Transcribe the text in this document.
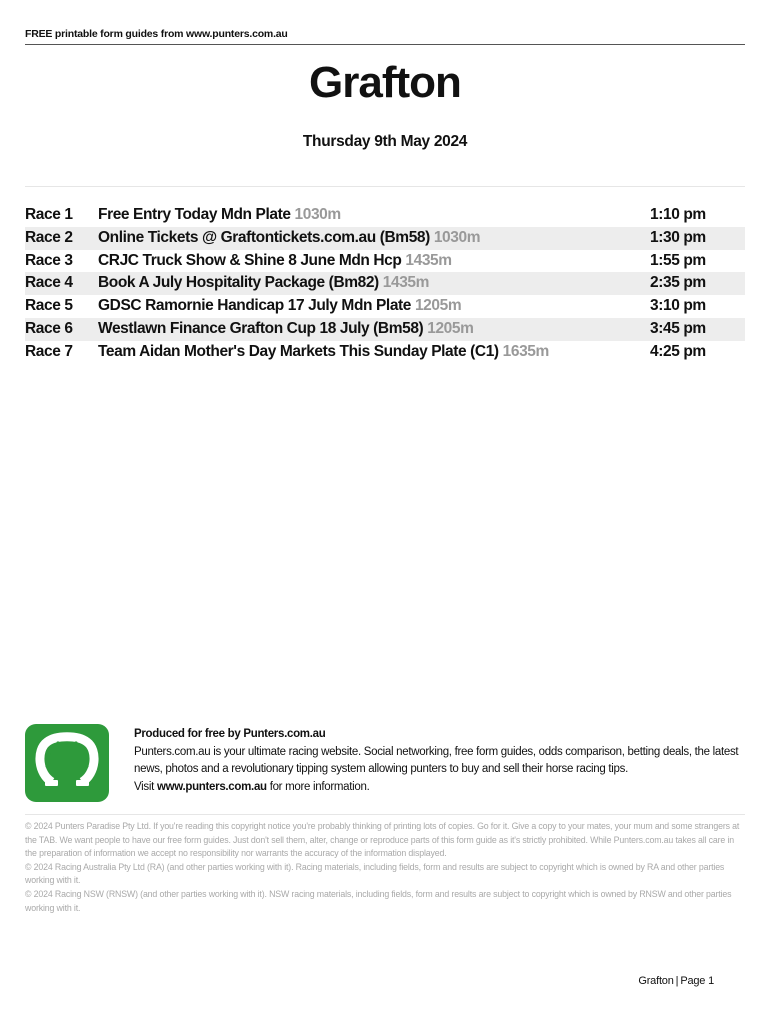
FREE printable form guides from www.punters.com.au
Grafton
Thursday 9th May 2024
Race 1 Free Entry Today Mdn Plate 1030m	1:10 pm
Race 2 Online Tickets @ Graftontickets.com.au (Bm58) 1030m	1:30 pm
Race 3 CRJC Truck Show & Shine 8 June Mdn Hcp 1435m	1:55 pm
Race 4 Book A July Hospitality Package (Bm82) 1435m	2:35 pm
Race 5 GDSC Ramornie Handicap 17 July Mdn Plate 1205m	3:10 pm
Race 6 Westlawn Finance Grafton Cup 18 July (Bm58) 1205m	3:45 pm
Race 7 Team Aidan Mother's Day Markets This Sunday Plate (C1) 1635m	4:25 pm
Produced for free by Punters.com.au
Punters.com.au is your ultimate racing website. Social networking, free form guides, odds comparison, betting deals, the latest news, photos and a revolutionary tipping system allowing punters to buy and sell their horse racing tips.
Visit www.punters.com.au for more information.

© 2024 Punters Paradise Pty Ltd. If you're reading this copyright notice you're probably thinking of printing lots of copies. Go for it. Give a copy to your mates, your mum and some strangers at the TAB. We want people to have our free form guides. Just don't sell them, alter, change or reproduce parts of this form guide as it's strictly prohibited. While Punters.com.au takes all care in the preparation of information we accept no responsibility nor warrants the accuracy of the information displayed.

© 2024 Racing Australia Pty Ltd (RA) (and other parties working with it). Racing materials, including fields, form and results are subject to copyright which is owned by RA and other parties working with it.

© 2024 Racing NSW (RNSW) (and other parties working with it). NSW racing materials, including fields, form and results are subject to copyright which is owned by RNSW and other parties working with it.

Grafton | Page 1
